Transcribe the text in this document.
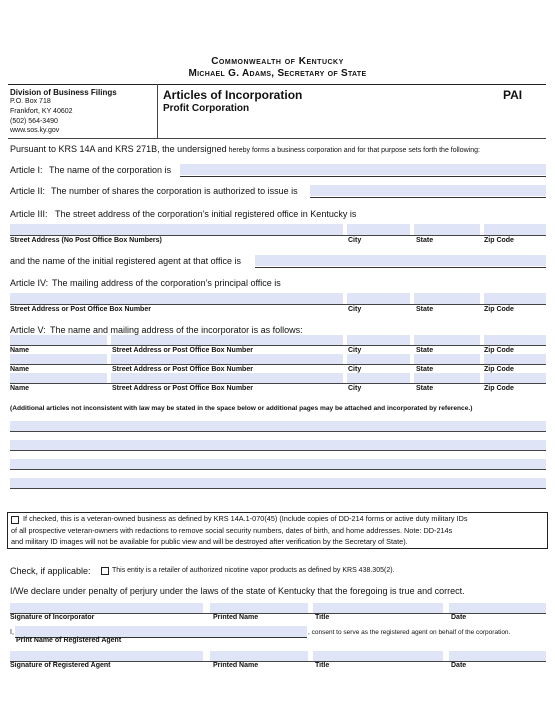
Commonwealth of Kentucky
Michael G. Adams, Secretary of State
Division of Business Filings
P.O. Box 718
Frankfort, KY 40602
(502) 564-3490
www.sos.ky.gov
Articles of Incorporation
Profit Corporation
PAI
Pursuant to KRS 14A and KRS 271B, the undersigned hereby forms a business corporation and for that purpose sets forth the following:
Article I: The name of the corporation is
Article II: The number of shares the corporation is authorized to issue is
Article III: The street address of the corporation’s initial registered office in Kentucky is
Street Address (No Post Office Box Numbers)	City	State	Zip Code
and the name of the initial registered agent at that office is
Article IV: The mailing address of the corporation’s principal office is
Street Address or Post Office Box Number	City	State	Zip Code
Article V: The name and mailing address of the incorporator is as follows:
Name	Street Address or Post Office Box Number	City	State	Zip Code
Name	Street Address or Post Office Box Number	City	State	Zip Code
Name	Street Address or Post Office Box Number	City	State	Zip Code
(Additional articles not inconsistent with law may be stated in the space below or additional pages may be attached and incorporated by reference.)
If checked, this is a veteran-owned business as defined by KRS 14A.1-070(45) (Include copies of DD-214 forms or active duty military IDs
of all prospective veteran-owners with redactions to remove social security numbers, dates of birth, and home addresses. Note: DD-214s
and military ID images will not be available for public view and will be destroyed after verification by the Secretary of State).
Check, if applicable:	This entity is a retailer of authorized nicotine vapor products as defined by KRS 438.305(2).
I/We declare under penalty of perjury under the laws of the state of Kentucky that the foregoing is true and correct.
Signature of Incorporator	Printed Name	Title	Date
I,	, consent to serve as the registered agent on behalf of the corporation.
Print Name of Registered Agent
Signature of Registered Agent	Printed Name	Title	Date
